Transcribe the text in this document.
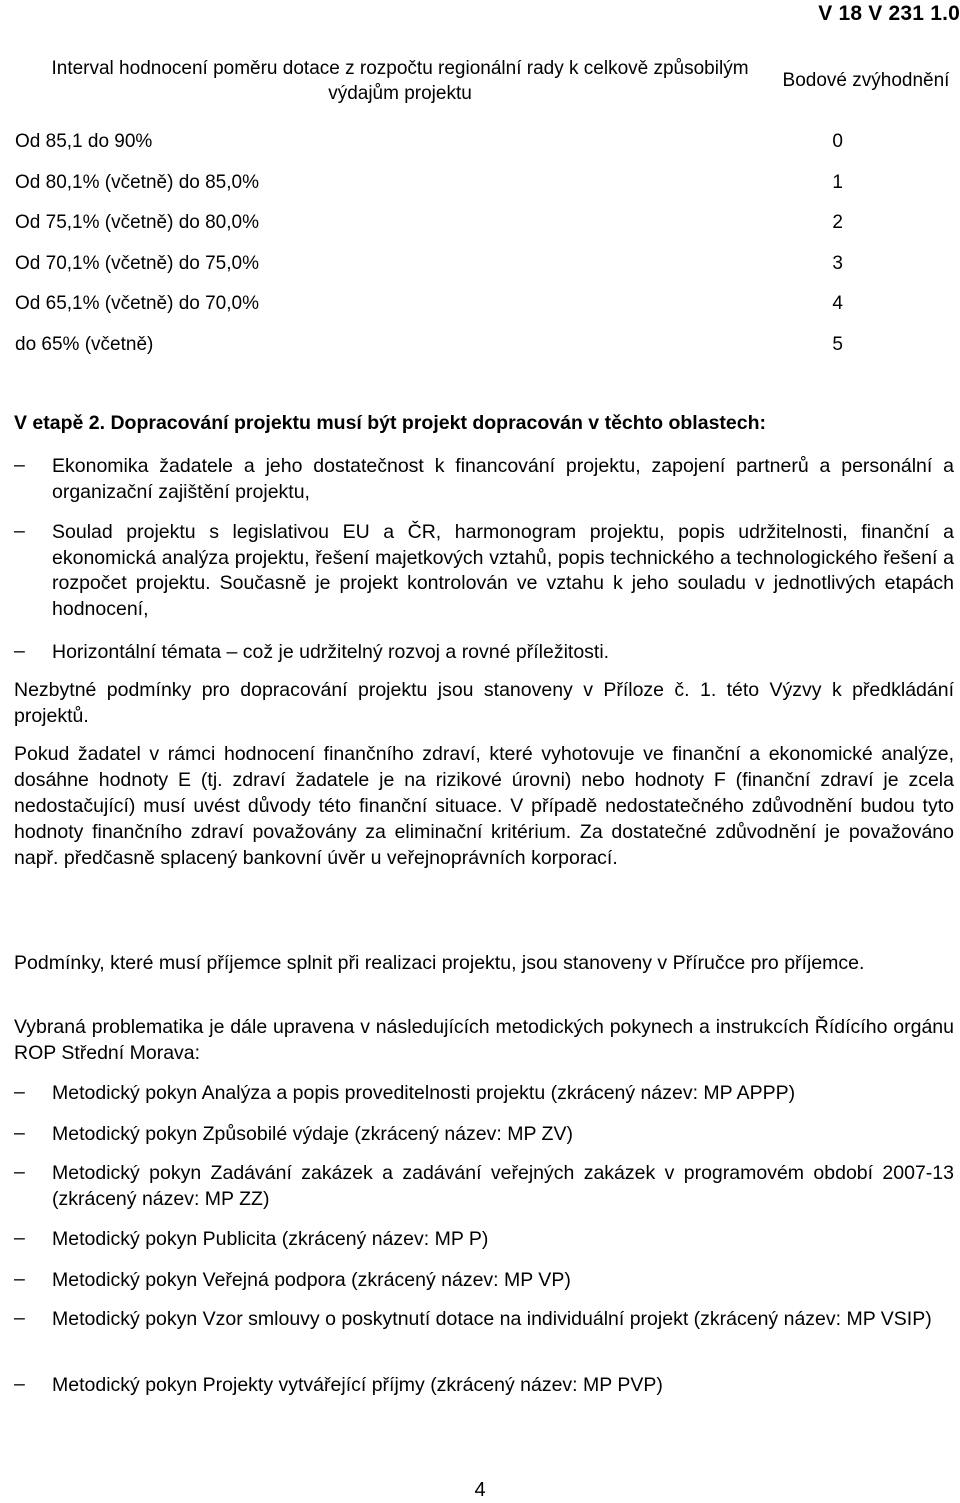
V 18 V 231 1.0
Interval hodnocení poměru dotace z rozpočtu regionální rady k celkově způsobilým výdajům projektu	Bodové zvýhodnění
Od 85,1 do 90%	0
Od 80,1% (včetně) do 85,0%	1
Od 75,1% (včetně) do 80,0%	2
Od 70,1% (včetně) do 75,0%	3
Od 65,1% (včetně) do 70,0%	4
do 65% (včetně)	5
V etapě 2. Dopracování projektu musí být projekt dopracován v těchto oblastech:
– Ekonomika žadatele a jeho dostatečnost k financování projektu, zapojení partnerů a personální a organizační zajištění projektu,
– Soulad projektu s legislativou EU a ČR, harmonogram projektu, popis udržitelnosti, finanční a ekonomická analýza projektu, řešení majetkových vztahů, popis technického a technologického řešení a rozpočet projektu. Současně je projekt kontrolován ve vztahu k jeho souladu v jednotlivých etapách hodnocení,
– Horizontální témata – což je udržitelný rozvoj a rovné příležitosti.
Nezbytné podmínky pro dopracování projektu jsou stanoveny v Příloze č. 1. této Výzvy k předkládání projektů.
Pokud žadatel v rámci hodnocení finančního zdraví, které vyhotovuje ve finanční a ekonomické analýze, dosáhne hodnoty E (tj. zdraví žadatele je na rizikové úrovni) nebo hodnoty F (finanční zdraví je zcela nedostačující) musí uvést důvody této finanční situace. V případě nedostatečného zdůvodnění budou tyto hodnoty finančního zdraví považovány za eliminační kritérium. Za dostatečné zdůvodnění je považováno např. předčasně splacený bankovní úvěr u veřejnoprávních korporací.
Podmínky, které musí příjemce splnit při realizaci projektu, jsou stanoveny v Příručce pro příjemce.
Vybraná problematika je dále upravena v následujících metodických pokynech a instrukcích Řídícího orgánu ROP Střední Morava:
– Metodický pokyn Analýza a popis proveditelnosti projektu (zkrácený název: MP APPP)
– Metodický pokyn Způsobilé výdaje (zkrácený název: MP ZV)
– Metodický pokyn Zadávání zakázek a zadávání veřejných zakázek v programovém období 2007-13 (zkrácený název: MP ZZ)
– Metodický pokyn Publicita (zkrácený název: MP P)
– Metodický pokyn Veřejná podpora (zkrácený název: MP VP)
– Metodický pokyn Vzor smlouvy o poskytnutí dotace na individuální projekt (zkrácený název: MP VSIP)
– Metodický pokyn Projekty vytvářející příjmy (zkrácený název: MP PVP)
4
